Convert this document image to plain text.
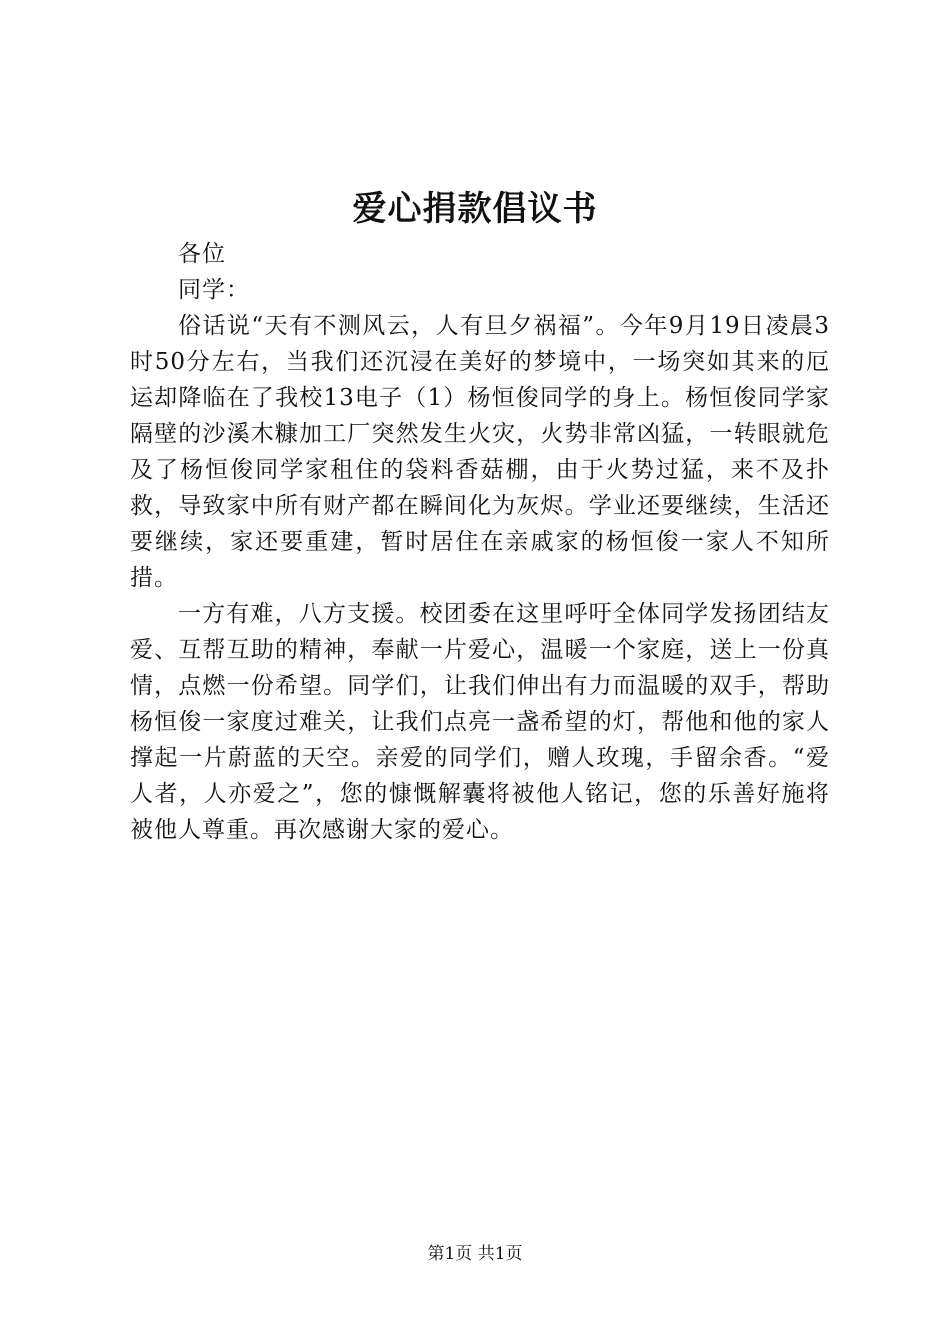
爱心捐款倡议书
各位
同学：

俗话说“天有不测风云，人有旦夕祸福”。今年9月19日凌晨3时50分左右，当我们还沉浸在美好的梦境中，一场突如其来的厄运却降临在了我校13电子（1）杨恒俊同学的身上。杨恒俊同学家隔壁的沙溪木糠加工厂突然发生火灾，火势非常凶猛，一转眼就危及了杨恒俊同学家租住的袋料香菇棚，由于火势过猛，来不及扑救，导致家中所有财产都在瞬间化为灰烬。学业还要继续，生活还要继续，家还要重建，暂时居住在亲戚家的杨恒俊一家人不知所措。

一方有难，八方支援。校团委在这里呼吁全体同学发扬团结友爱、互帮互助的精神，奉献一片爱心，温暖一个家庭，送上一份真情，点燃一份希望。同学们，让我们伸出有力而温暖的双手，帮助杨恒俊一家度过难关，让我们点亮一盏希望的灯，帮他和他的家人撑起一片蔚蓝的天空。亲爱的同学们，赠人玫瑰，手留余香。“爱人者，人亦爱之”，您的慷慨解囊将被他人铭记，您的乐善好施将被他人尊重。再次感谢大家的爱心。

第1页 共1页
